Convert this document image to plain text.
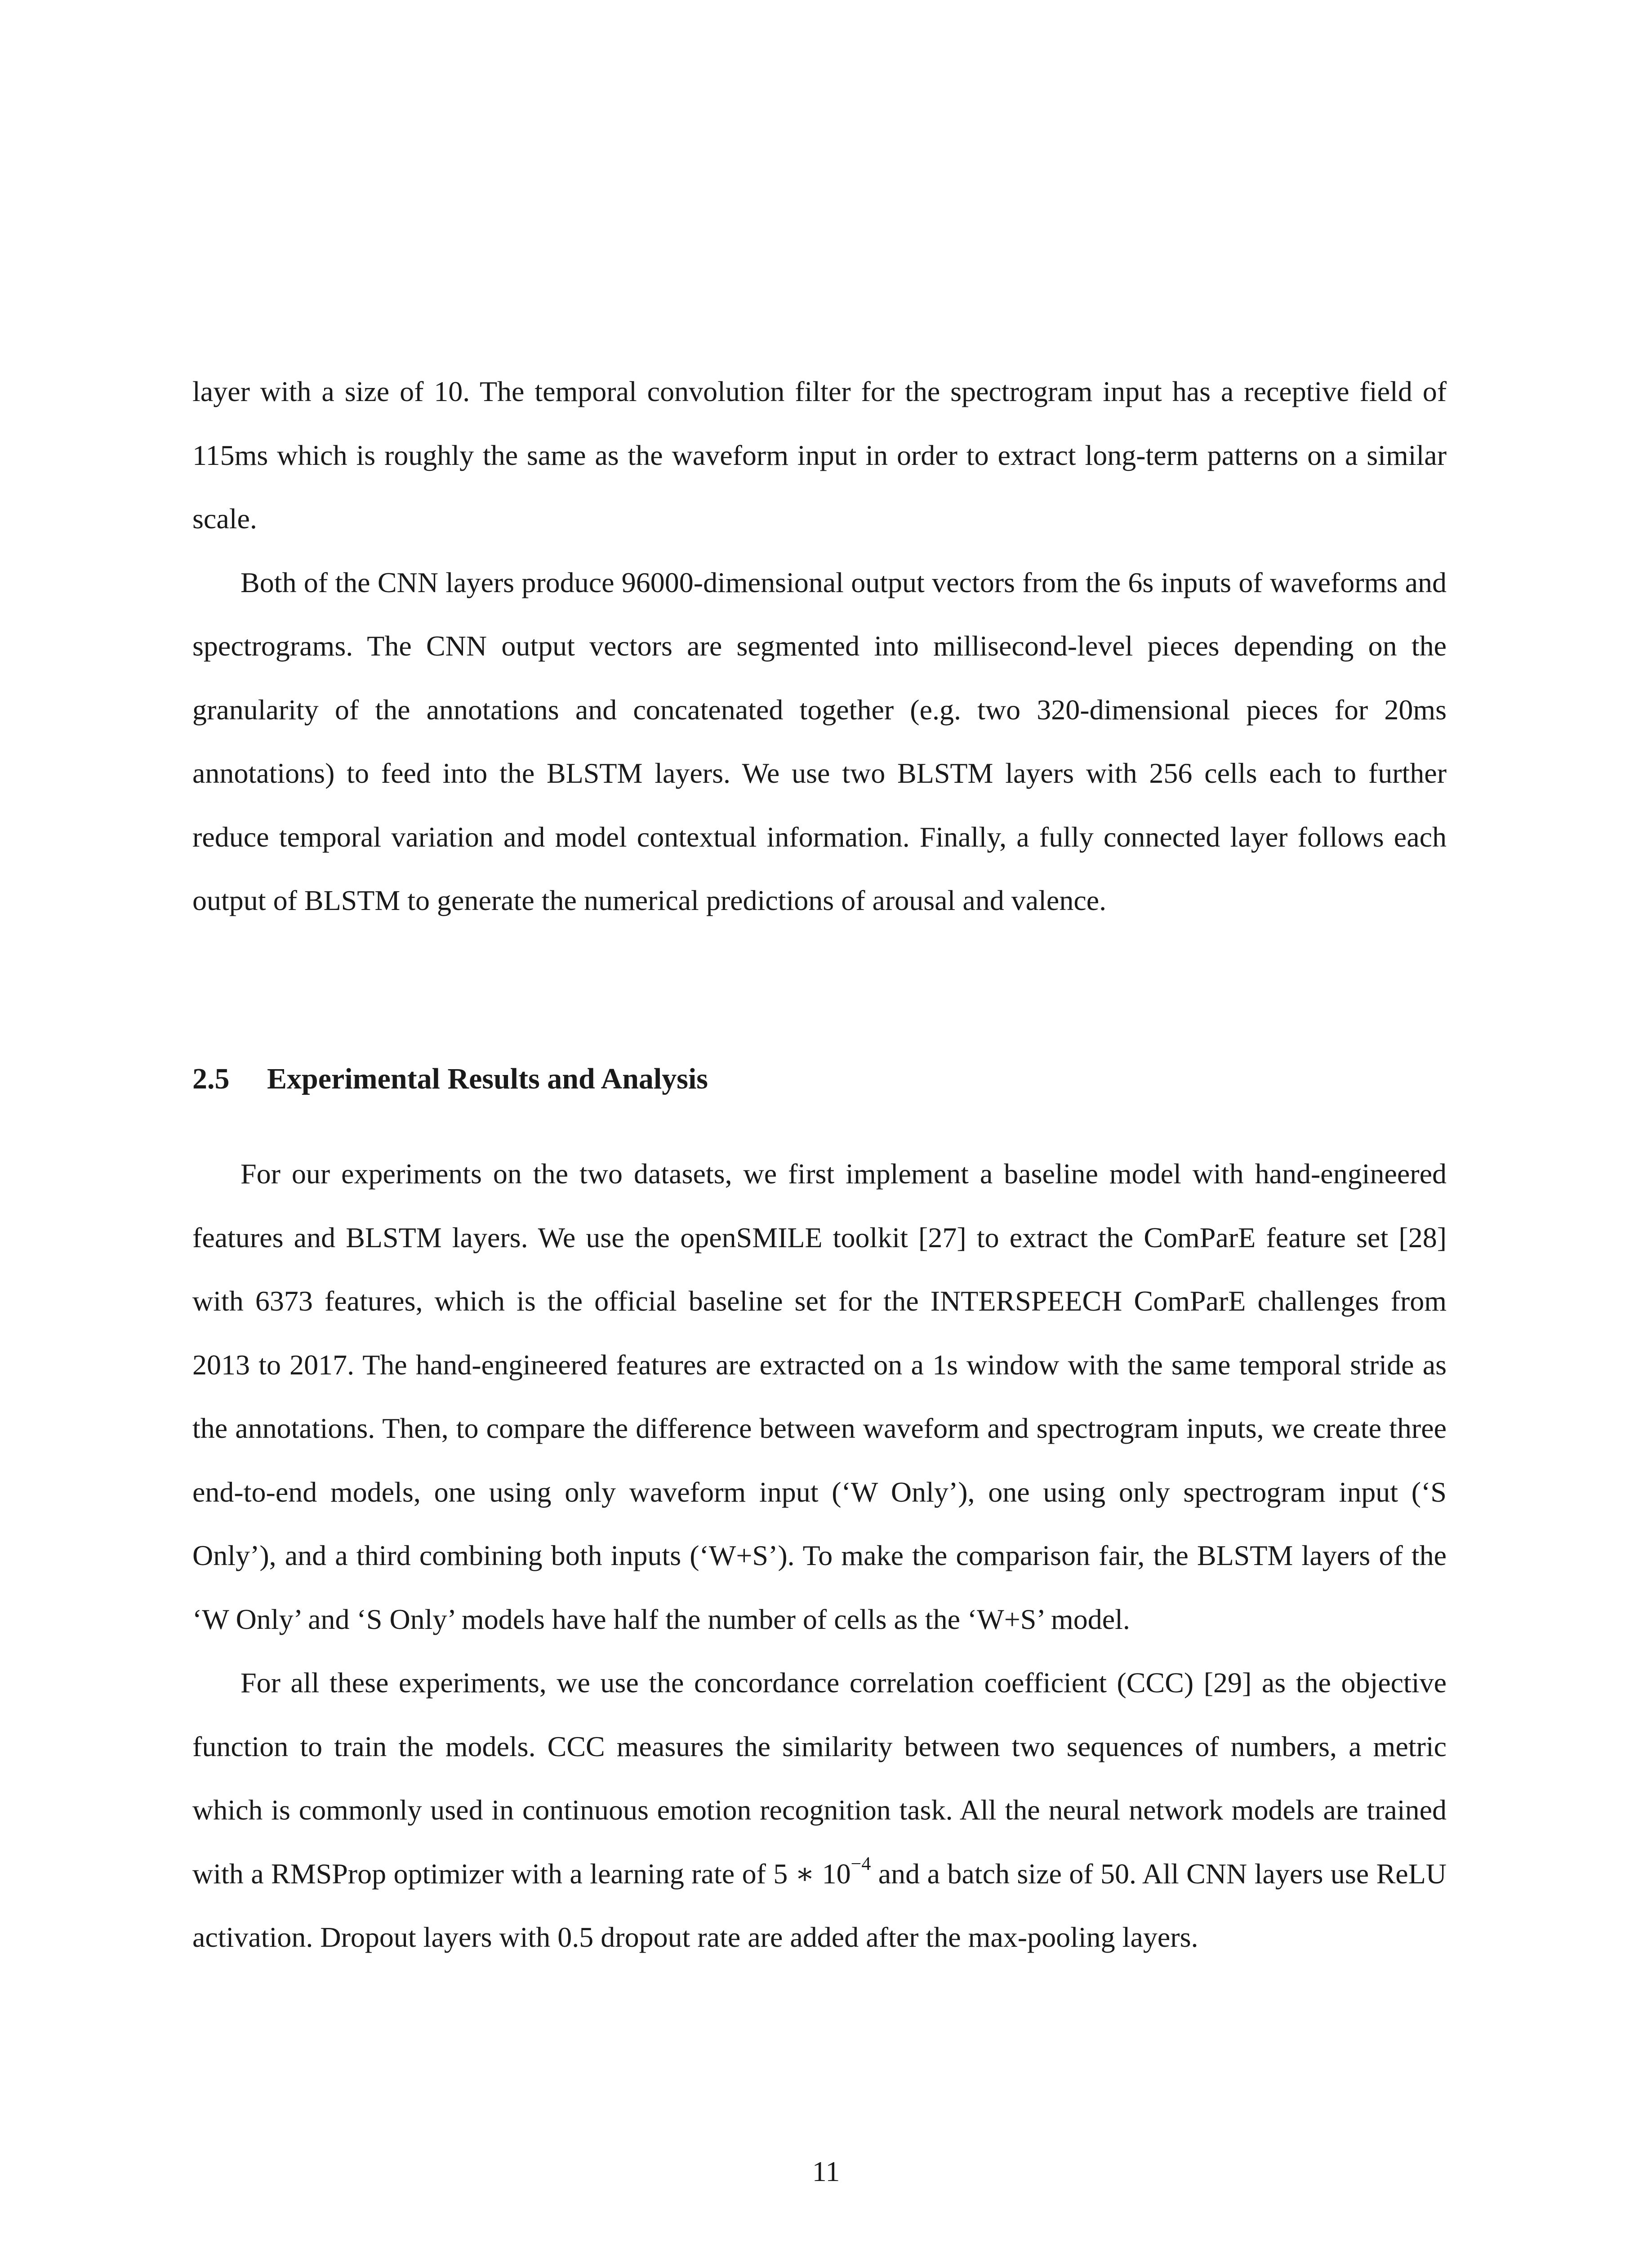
layer with a size of 10. The temporal convolution filter for the spectrogram input has a receptive field of 115ms which is roughly the same as the waveform input in order to extract long-term patterns on a similar scale.

Both of the CNN layers produce 96000-dimensional output vectors from the 6s inputs of waveforms and spectrograms. The CNN output vectors are segmented into millisecond-level pieces depending on the granularity of the annotations and concatenated together (e.g. two 320-dimensional pieces for 20ms annotations) to feed into the BLSTM layers. We use two BLSTM layers with 256 cells each to further reduce temporal variation and model contextual information. Finally, a fully connected layer follows each output of BLSTM to generate the numerical predictions of arousal and valence.

2.5 Experimental Results and Analysis

For our experiments on the two datasets, we first implement a baseline model with hand-engineered features and BLSTM layers. We use the openSMILE toolkit [27] to extract the ComParE feature set [28] with 6373 features, which is the official baseline set for the INTERSPEECH ComParE challenges from 2013 to 2017. The hand-engineered features are extracted on a 1s window with the same temporal stride as the annotations. Then, to compare the difference between waveform and spectrogram inputs, we create three end-to-end models, one using only waveform input (‘W Only’), one using only spectrogram input (‘S Only’), and a third combining both inputs (‘W+S’). To make the comparison fair, the BLSTM layers of the ‘W Only’ and ‘S Only’ models have half the number of cells as the ‘W+S’ model.

For all these experiments, we use the concordance correlation coefficient (CCC) [29] as the objective function to train the models. CCC measures the similarity between two sequences of numbers, a metric which is commonly used in continuous emotion recognition task. All the neural network models are trained with a RMSProp optimizer with a learning rate of 5 ∗ $10^{-4}$ and a batch size of 50. All CNN layers use ReLU activation. Dropout layers with 0.5 dropout rate are added after the max-pooling layers.

11
